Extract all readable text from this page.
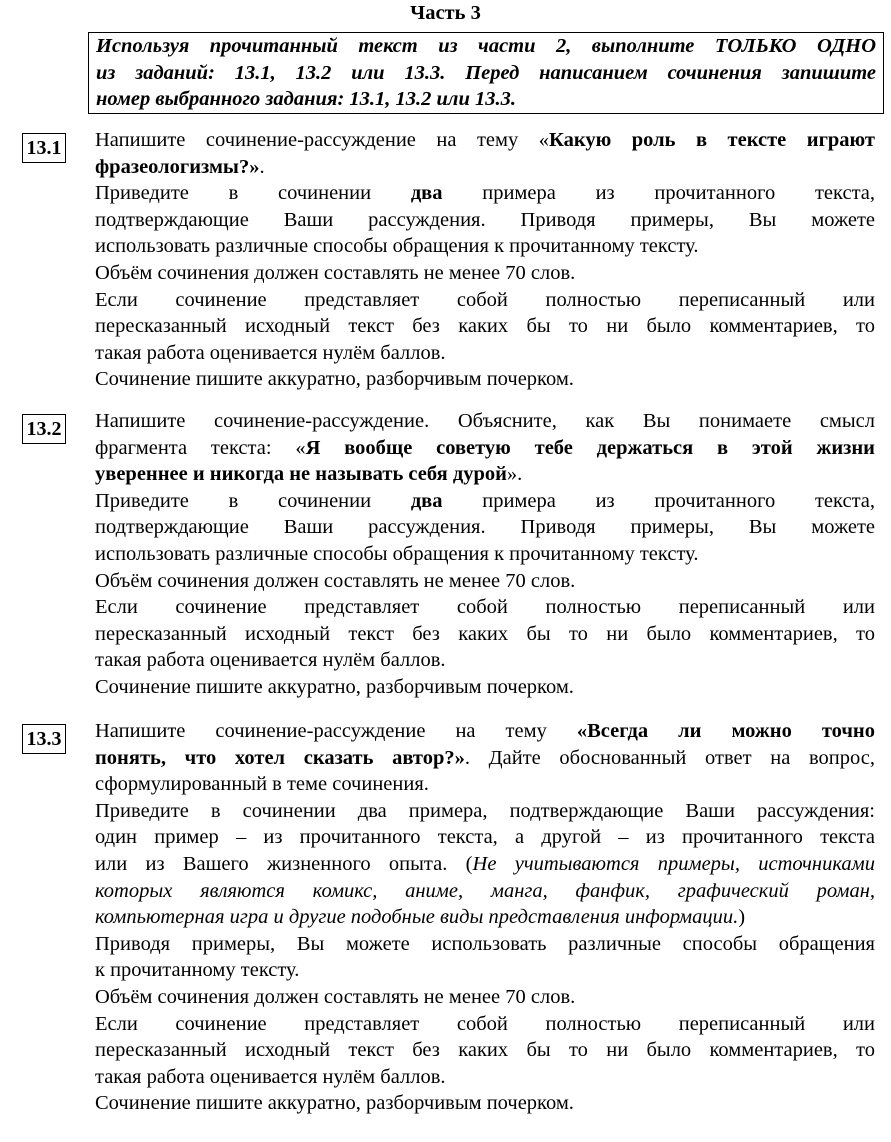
Часть 3
Используя прочитанный текст из части 2, выполните ТОЛЬКО ОДНО
из заданий: 13.1, 13.2 или 13.3. Перед написанием сочинения запишите
номер выбранного задания: 13.1, 13.2 или 13.3.
13.1 Напишите сочинение-рассуждение на тему «Какую роль в тексте играют
фразеологизмы?».
Приведите в сочинении два примера из прочитанного текста,
подтверждающие Ваши рассуждения. Приводя примеры, Вы можете
использовать различные способы обращения к прочитанному тексту.
Объём сочинения должен составлять не менее 70 слов.
Если сочинение представляет собой полностью переписанный или
пересказанный исходный текст без каких бы то ни было комментариев, то
такая работа оценивается нулём баллов.
Сочинение пишите аккуратно, разборчивым почерком.
13.2 Напишите сочинение-рассуждение. Объясните, как Вы понимаете смысл
фрагмента текста: «Я вообще советую тебе держаться в этой жизни
увереннее и никогда не называть себя дурой».
Приведите в сочинении два примера из прочитанного текста,
подтверждающие Ваши рассуждения. Приводя примеры, Вы можете
использовать различные способы обращения к прочитанному тексту.
Объём сочинения должен составлять не менее 70 слов.
Если сочинение представляет собой полностью переписанный или
пересказанный исходный текст без каких бы то ни было комментариев, то
такая работа оценивается нулём баллов.
Сочинение пишите аккуратно, разборчивым почерком.
13.3 Напишите сочинение-рассуждение на тему «Всегда ли можно точно
понять, что хотел сказать автор?». Дайте обоснованный ответ на вопрос,
сформулированный в теме сочинения.
Приведите в сочинении два примера, подтверждающие Ваши рассуждения:
один пример – из прочитанного текста, а другой – из прочитанного текста
или из Вашего жизненного опыта. (Не учитываются примеры, источниками
которых являются комикс, аниме, манга, фанфик, графический роман,
компьютерная игра и другие подобные виды представления информации.)
Приводя примеры, Вы можете использовать различные способы обращения
к прочитанному тексту.
Объём сочинения должен составлять не менее 70 слов.
Если сочинение представляет собой полностью переписанный или
пересказанный исходный текст без каких бы то ни было комментариев, то
такая работа оценивается нулём баллов.
Сочинение пишите аккуратно, разборчивым почерком.
